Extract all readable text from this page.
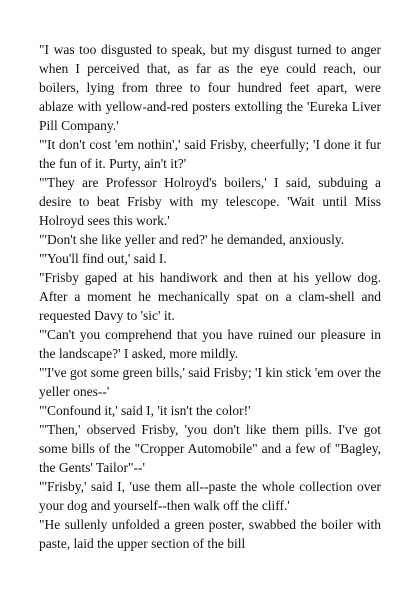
"I was too disgusted to speak, but my disgust turned to anger when I perceived that, as far as the eye could reach, our boilers, lying from three to four hundred feet apart, were ablaze with yellow-and-red posters extolling the 'Eureka Liver Pill Company.'

"'It don't cost 'em nothin',' said Frisby, cheerfully; 'I done it fur the fun of it. Purty, ain't it?'

"'They are Professor Holroyd's boilers,' I said, subduing a desire to beat Frisby with my telescope. 'Wait until Miss Holroyd sees this work.'

"'Don't she like yeller and red?' he demanded, anxiously.

"'You'll find out,' said I.

"Frisby gaped at his handiwork and then at his yellow dog. After a moment he mechanically spat on a clam-shell and requested Davy to 'sic' it.

"'Can't you comprehend that you have ruined our pleasure in the landscape?' I asked, more mildly.

"'I've got some green bills,' said Frisby; 'I kin stick 'em over the yeller ones--'

"'Confound it,' said I, 'it isn't the color!'

"'Then,' observed Frisby, 'you don't like them pills. I've got some bills of the "Cropper Automobile" and a few of "Bagley, the Gents' Tailor"--'

"'Frisby,' said I, 'use them all--paste the whole collection over your dog and yourself--then walk off the cliff.'

"He sullenly unfolded a green poster, swabbed the boiler with paste, laid the upper section of the bill
